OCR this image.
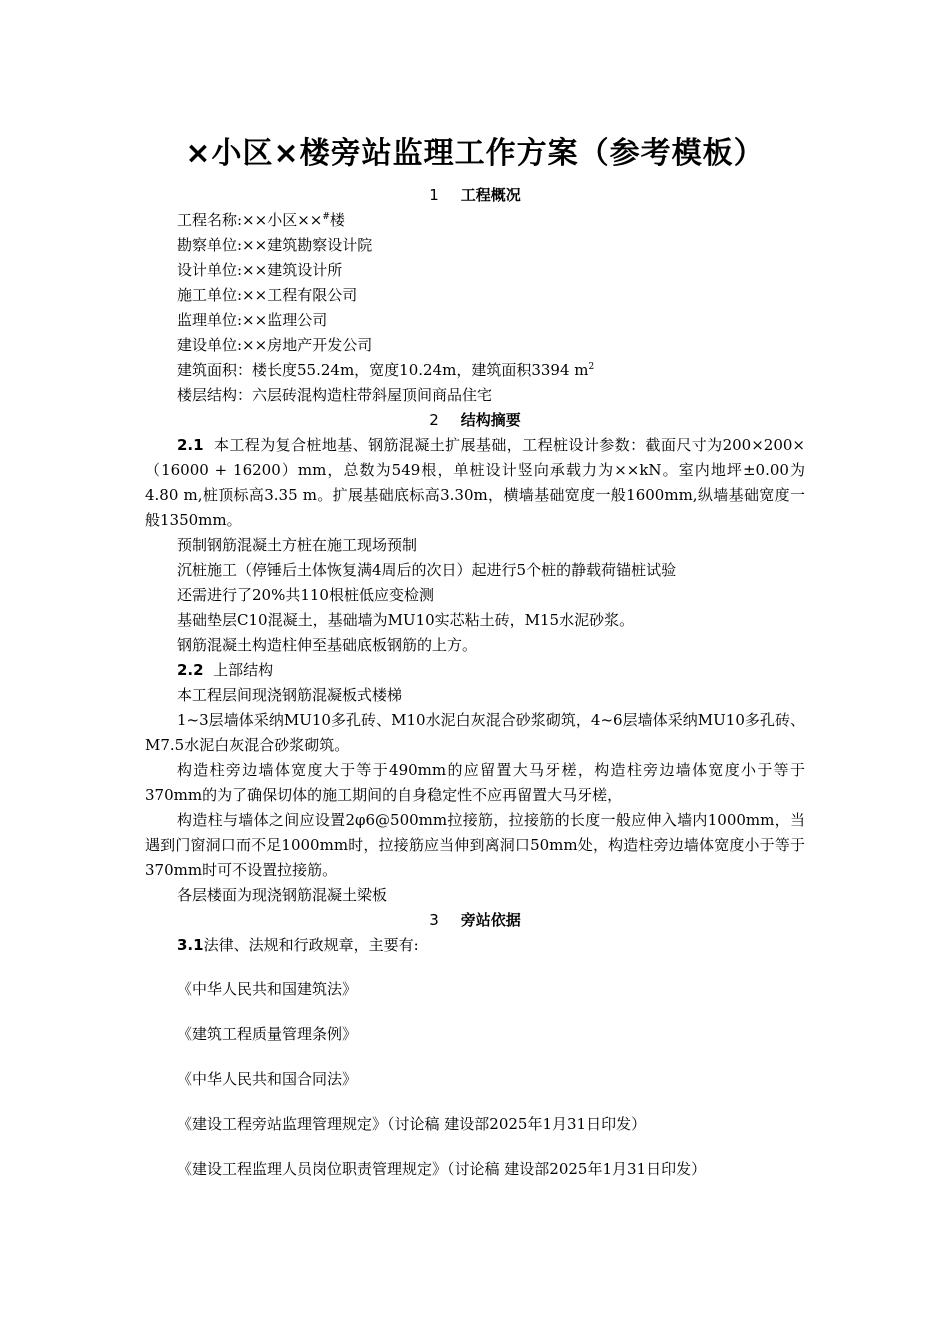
×小区×楼旁站监理工作方案（参考模板）
1 工程概况
工程名称:××小区××#楼
勘察单位:××建筑勘察设计院
设计单位:××建筑设计所
施工单位:××工程有限公司
监理单位:××监理公司
建设单位:××房地产开发公司
建筑面积：楼长度55.24m，宽度10.24m，建筑面积3394 $m^2$
楼层结构：六层砖混构造柱带斜屋顶间商品住宅
2 结构摘要
2.1 本工程为复合桩地基、钢筋混凝土扩展基础，工程桩设计参数：截面尺寸为200×200×（16000 + 16200）mm，总数为549根，单桩设计竖向承载力为××kN。室内地坪±0.00为4.80 m,桩顶标高3.35 m。扩展基础底标高3.30m，横墙基础宽度一般1600mm,纵墙基础宽度一般1350mm。
预制钢筋混凝土方桩在施工现场预制
沉桩施工（停锤后土体恢复满4周后的次日）起进行5个桩的静载荷锚桩试验
还需进行了20%共110根桩低应变检测
基础垫层C10混凝土，基础墙为MU10实芯粘土砖，M15水泥砂浆。
钢筋混凝土构造柱伸至基础底板钢筋的上方。
2.2 上部结构
本工程层间现浇钢筋混凝板式楼梯
1~3层墙体采纳MU10多孔砖、M10水泥白灰混合砂浆砌筑，4~6层墙体采纳MU10多孔砖、M7.5水泥白灰混合砂浆砌筑。
构造柱旁边墙体宽度大于等于490mm的应留置大马牙槎，构造柱旁边墙体宽度小于等于370mm的为了确保切体的施工期间的自身稳定性不应再留置大马牙槎，
构造柱与墙体之间应设置2φ6@500mm拉接筋，拉接筋的长度一般应伸入墙内1000mm，当遇到门窗洞口而不足1000mm时，拉接筋应当伸到离洞口50mm处，构造柱旁边墙体宽度小于等于370mm时可不设置拉接筋。
各层楼面为现浇钢筋混凝土梁板
3 旁站依据
3.1法律、法规和行政规章，主要有:
《中华人民共和国建筑法》
《建筑工程质量管理条例》
《中华人民共和国合同法》
《建设工程旁站监理管理规定》（讨论稿 建设部2025年1月31日印发）
《建设工程监理人员岗位职责管理规定》（讨论稿 建设部2025年1月31日印发）
